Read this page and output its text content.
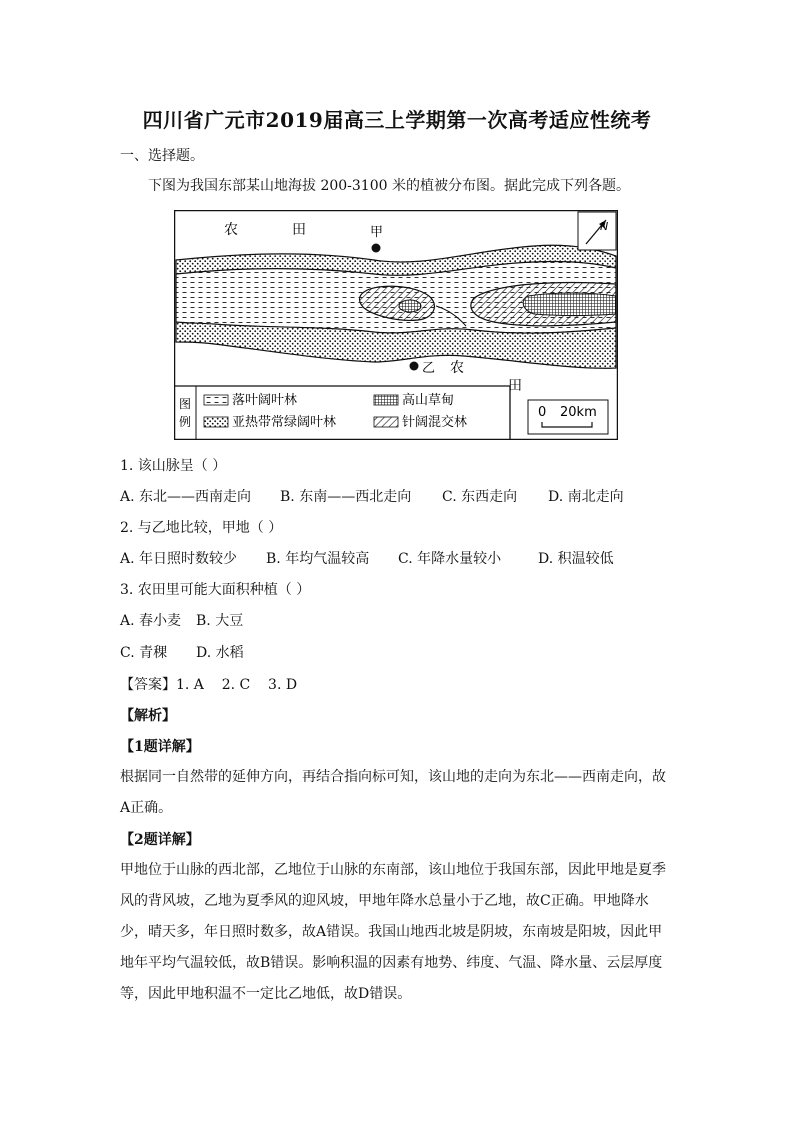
四川省广元市2019届高三上学期第一次高考适应性统考
一、选择题。
下图为我国东部某山地海拔 200-3100 米的植被分布图。据此完成下列各题。
农	田	甲
乙 农
田
N
图
例
落叶阔叶林
亚热带常绿阔叶林
高山草甸
针阔混交林
0 20km
1. 该山脉呈（ ）
A. 东北——西南走向 B. 东南——西北走向 C. 东西走向 D. 南北走向
2. 与乙地比较，甲地（ ）
A. 年日照时数较少 B. 年均气温较高 C. 年降水量较小	D. 积温较低
3. 农田里可能大面积种植（ ）
A. 春小麦 B. 大豆
C. 青稞 D. 水稻
【答案】1. A    2. C    3. D
【解析】
【1题详解】
根据同一自然带的延伸方向，再结合指向标可知，该山地的走向为东北——西南走向，故A正确。
【2题详解】
甲地位于山脉的西北部，乙地位于山脉的东南部，该山地位于我国东部，因此甲地是夏季风的背风坡，乙地为夏季风的迎风坡，甲地年降水总量小于乙地，故C正确。甲地降水少，晴天多，年日照时数多，故A错误。我国山地西北坡是阴坡，东南坡是阳坡，因此甲地年平均气温较低，故B错误。影响积温的因素有地势、纬度、气温、降水量、云层厚度等，因此甲地积温不一定比乙地低，故D错误。
